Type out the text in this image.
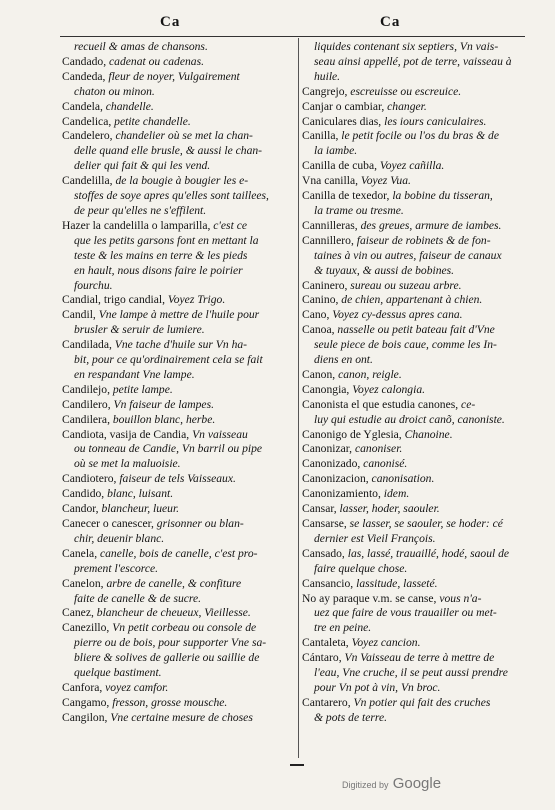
Ca	Ca
recueil & amas de chansons.
Candado, cadenat ou cadenas.
Candeda, fleur de noyer, Vulgairement
chaton ou minon.
Candela, chandelle.
Candelica, petite chandelle.
Candelero, chandelier où se met la chan-
delle quand elle brusle, & aussi le chan-
delier qui fait & qui les vend.
Candelilla, de la bougie à bougier les e-
stoffes de soye apres qu'elles sont taillees,
de peur qu'elles ne s'effilent.
Hazer la candelilla o lamparilla, c'est ce
que les petits garsons font en mettant la
teste & les mains en terre & les pieds
en hault, nous disons faire le poirier
fourchu.
Candial, trigo candial, Voyez Trigo.
Candil, Vne lampe à mettre de l'huile pour
brusler & seruir de lumiere.
Candilada, Vne tache d'huile sur Vn ha-
bit, pour ce qu'ordinairement cela se fait
en respandant Vne lampe.
Candilejo, petite lampe.
Candilero, Vn faiseur de lampes.
Candilera, bouillon blanc, herbe.
Candiota, vasija de Candia, Vn vaisseau
ou tonneau de Candie, Vn barril ou pipe
où se met la maluoisie.
Candiotero, faiseur de tels Vaisseaux.
Candido, blanc, luisant.
Candor, blancheur, lueur.
Canecer o canescer, grisonner ou blan-
chir, deuenir blanc.
Canela, canelle, bois de canelle, c'est pro-
prement l'escorce.
Canelon, arbre de canelle, & confiture
faite de canelle & de sucre.
Canez, blancheur de cheueux, Vieillesse.
Canezillo, Vn petit corbeau ou console de
pierre ou de bois, pour supporter Vne sa-
bliere & solives de gallerie ou saillie de
quelque bastiment.
Canfora, voyez camfor.
Cangamo, fresson, grosse mousche.
Cangilon, Vne certaine mesure de choses
liquides contenant six septiers, Vn vais-
seau ainsi appellé, pot de terre, vaisseau à
huile.
Cangrejo, escreuisse ou escreuice.
Canjar o cambiar, changer.
Caniculares dias, les iours caniculaires.
Canilla, le petit focile ou l'os du bras & de
la iambe.
Canilla de cuba, Voyez cañilla.
Vna canilla, Voyez Vua.
Canilla de texedor, la bobine du tisseran,
la trame ou tresme.
Cannilleras, des greues, armure de iambes.
Cannillero, faiseur de robinets & de fon-
taines à vin ou autres, faiseur de canaux
& tuyaux, & aussi de bobines.
Caninero, sureau ou suzeau arbre.
Canino, de chien, appartenant à chien.
Cano, Voyez cy-dessus apres cana.
Canoa, nasselle ou petit bateau fait d'Vne
seule piece de bois caue, comme les In-
diens en ont.
Canon, canon, reigle.
Canongia, Voyez calongia.
Canonista el que estudia canones, ce-
luy qui estudie au droict canõ, canoniste.
Canonigo de Yglesia, Chanoine.
Canonizar, canoniser.
Canonizado, canonisé.
Canonizacion, canonisation.
Canonizamiento, idem.
Cansar, lasser, hoder, saouler.
Cansarse, se lasser, se saouler, se hoder: cé
dernier est Vieil François.
Cansado, las, lassé, trauaillé, hodé, saoul de
faire quelque chose.
Cansancio, lassitude, lasseté.
No ay paraque v.m. se canse, vous n'a-
uez que faire de vous trauailler ou met-
tre en peine.
Cantaleta, Voyez cancion.
Cántaro, Vn Vaisseau de terre à mettre de
l'eau, Vne cruche, il se peut aussi prendre
pour Vn pot à vin, Vn broc.
Cantarero, Vn potier qui fait des cruches
& pots de terre.
Digitized by Google
